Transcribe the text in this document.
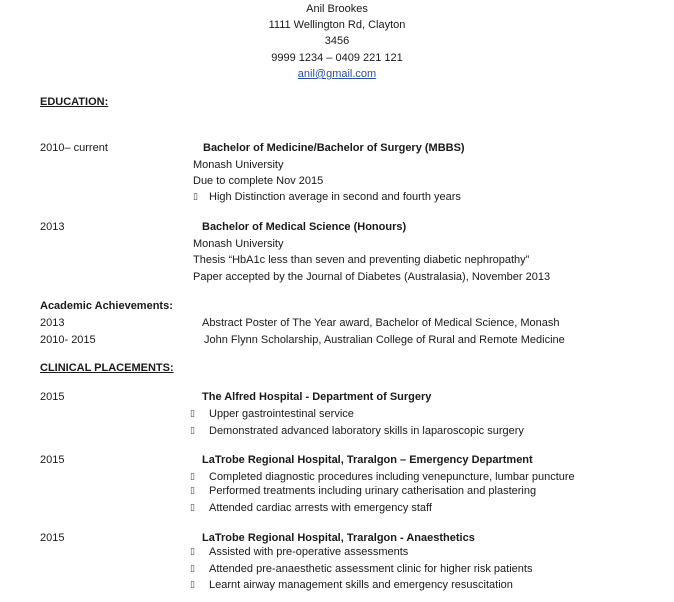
Anil Brookes
1111 Wellington Rd, Clayton
3456
9999 1234 – 0409 221 121
anil@gmail.com
EDUCATION:
2010– current	Bachelor of Medicine/Bachelor of Surgery (MBBS)
Monash University
Due to complete Nov 2015
▯ High Distinction average in second and fourth years
2013	Bachelor of Medical Science (Honours)
Monash University
Thesis “HbA1c less than seven and preventing diabetic nephropathy”
Paper accepted by the Journal of Diabetes (Australasia), November 2013
Academic Achievements:
2013	Abstract Poster of The Year award, Bachelor of Medical Science, Monash
2010- 2015	John Flynn Scholarship, Australian College of Rural and Remote Medicine
CLINICAL PLACEMENTS:
2015	The Alfred Hospital - Department of Surgery
▯ Upper gastrointestinal service
▯ Demonstrated advanced laboratory skills in laparoscopic surgery
2015	LaTrobe Regional Hospital, Traralgon – Emergency Department
▯ Completed diagnostic procedures including venepuncture, lumbar puncture
▯ Performed treatments including urinary catherisation and plastering
▯ Attended cardiac arrests with emergency staff
2015	LaTrobe Regional Hospital, Traralgon - Anaesthetics
▯ Assisted with pre-operative assessments
▯ Attended pre-anaesthetic assessment clinic for higher risk patients
▯ Learnt airway management skills and emergency resuscitation
